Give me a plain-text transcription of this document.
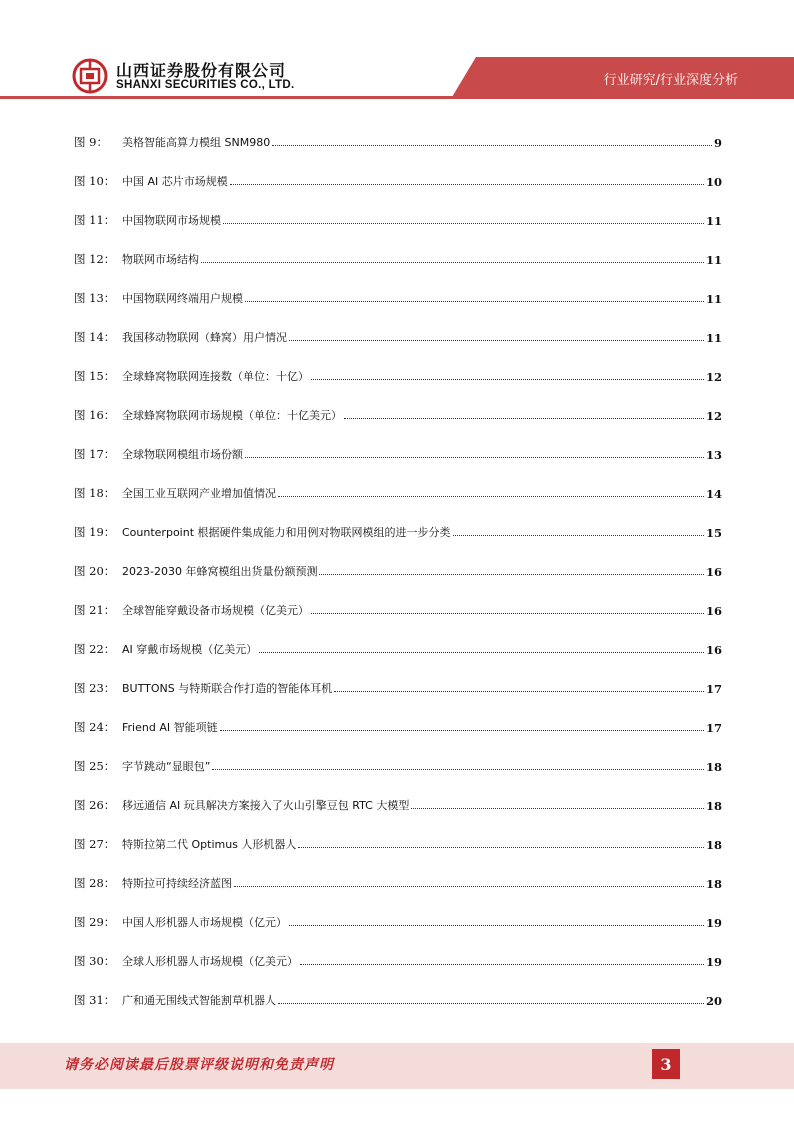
山西证券股份有限公司
SHANXI SECURITIES CO., LTD.	行业研究/行业深度分析
图 9：	美格智能高算力模组 SNM980	9
图 10： 中国 AI 芯片市场规模	10
图 11： 中国物联网市场规模	11
图 12： 物联网市场结构	11
图 13： 中国物联网终端用户规模	11
图 14： 我国移动物联网（蜂窝）用户情况	11
图 15： 全球蜂窝物联网连接数（单位：十亿）	12
图 16： 全球蜂窝物联网市场规模（单位：十亿美元）	12
图 17： 全球物联网模组市场份额	13
图 18： 全国工业互联网产业增加值情况	14
图 19： Counterpoint 根据硬件集成能力和用例对物联网模组的进一步分类	15
图 20： 2023-2030 年蜂窝模组出货量份额预测	16
图 21： 全球智能穿戴设备市场规模（亿美元）	16
图 22： AI 穿戴市场规模（亿美元）	16
图 23： BUTTONS 与特斯联合作打造的智能体耳机	17
图 24： Friend AI 智能项链	17
图 25： 字节跳动“显眼包”	18
图 26： 移远通信 AI 玩具解决方案接入了火山引擎豆包 RTC 大模型	18
图 27： 特斯拉第二代 Optimus 人形机器人	18
图 28： 特斯拉可持续经济蓝图	18
图 29： 中国人形机器人市场规模（亿元）	19
图 30： 全球人形机器人市场规模（亿美元）	19
图 31： 广和通无围线式智能割草机器人	20
请务必阅读最后股票评级说明和免责声明	3
